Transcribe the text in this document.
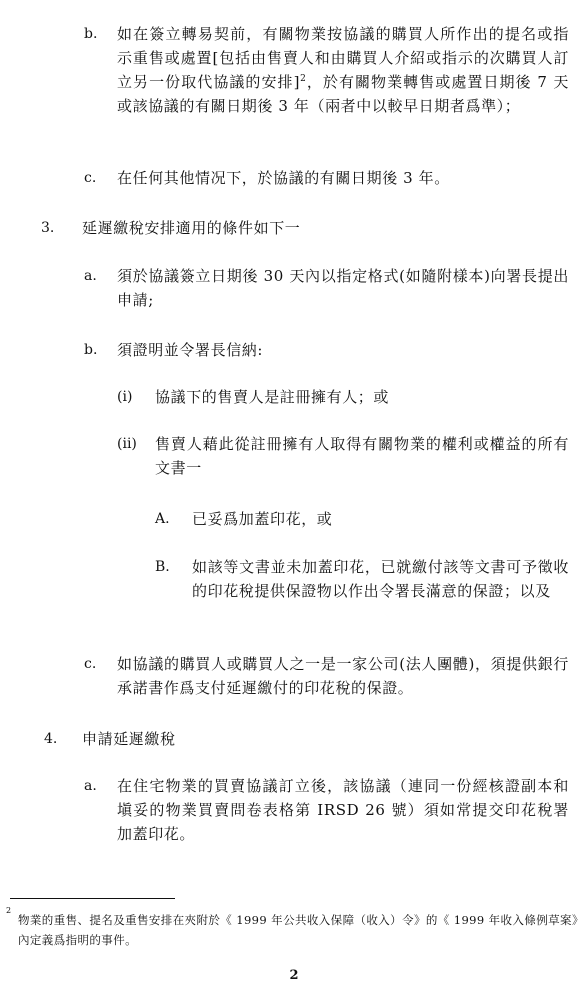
b. 如在簽立轉易契前，有關物業按協議的購買人所作出的提名或指示重售或處置[包括由售賣人和由購買人介紹或指示的次購買人訂立另一份取代協議的安排]$^2$，於有關物業轉售或處置日期後 7 天或該協議的有關日期後 3 年（兩者中以較早日期者爲準）；
c. 在任何其他情况下，於協議的有關日期後 3 年。
3. 延遲繳稅安排適用的條件如下一
a. 須於協議簽立日期後 30 天內以指定格式(如隨附樣本)向署長提出申請;
b. 須證明並令署長信納:
(i) 協議下的售賣人是註冊擁有人；或
(ii) 售賣人藉此從註冊擁有人取得有關物業的權利或權益的所有文書一
A. 已妥爲加蓋印花，或
B. 如該等文書並未加蓋印花，已就繳付該等文書可予徵收的印花稅提供保證物以作出令署長滿意的保證；以及
c. 如協議的購買人或購買人之一是一家公司(法人團體)，須提供銀行承諾書作爲支付延遲繳付的印花稅的保證。
4. 申請延遲繳稅
a. 在住宅物業的買賣協議訂立後，該協議（連同一份經核證副本和塡妥的物業買賣問卷表格第 IRSD 26 號）須如常提交印花稅署加蓋印花。
2
物業的重售、提名及重售安排在夾附於《 1999 年公共收入保障（收入）令》的《 1999 年收入條例草案》內定義爲指明的事件。
2
